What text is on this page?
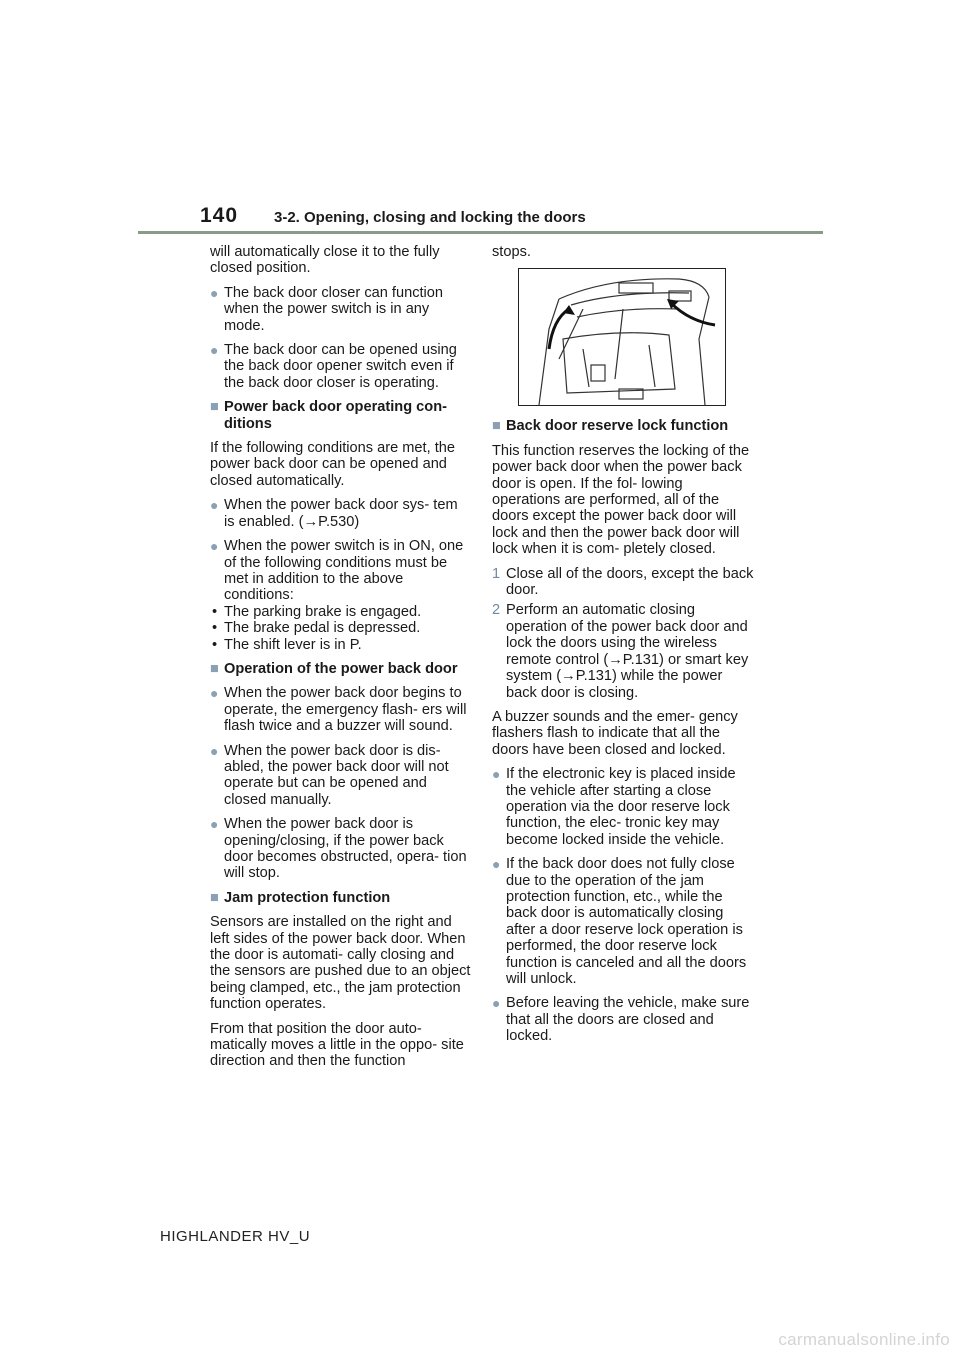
140 3-2. Opening, closing and locking the doors

will automatically close it to the fully closed position.

● The back door closer can function when the power switch is in any mode.
● The back door can be opened using the back door opener switch even if the back door closer is operating.
■ Power back door operating con- ditions

If the following conditions are met, the power back door can be opened and closed automatically.

● When the power back door sys- tem is enabled. (→P.530)
● When the power switch is in ON, one of the following conditions must be met in addition to the above conditions:
• The parking brake is engaged.
• The brake pedal is depressed.
• The shift lever is in P.
■ Operation of the power back door
● When the power back door begins to operate, the emergency flash- ers will flash twice and a buzzer will sound.
● When the power back door is dis- abled, the power back door will not operate but can be opened and closed manually.
● When the power back door is opening/closing, if the power back door becomes obstructed, opera- tion will stop.
■ Jam protection function

Sensors are installed on the right and left sides of the power back door. When the door is automati- cally closing and the sensors are pushed due to an object being clamped, etc., the jam protection function operates.

From that position the door auto- matically moves a little in the oppo- site direction and then the function

stops.

■ Back door reserve lock function

This function reserves the locking of the power back door when the power back door is open. If the fol- lowing operations are performed, all of the doors except the power back door will lock and then the power back door will lock when it is com- pletely closed.

1 Close all of the doors, except the back door.
2 Perform an automatic closing operation of the power back door and lock the doors using the wireless remote control (→P.131) or smart key system (→P.131) while the power back door is closing.

A buzzer sounds and the emer- gency flashers flash to indicate that all the doors have been closed and locked.

● If the electronic key is placed inside the vehicle after starting a close operation via the door reserve lock function, the elec- tronic key may become locked inside the vehicle.
● If the back door does not fully close due to the operation of the jam protection function, etc., while the back door is automatically closing after a door reserve lock operation is performed, the door reserve lock function is canceled and all the doors will unlock.
● Before leaving the vehicle, make sure that all the doors are closed and locked.
HIGHLANDER HV_U
carmanualsonline.info
